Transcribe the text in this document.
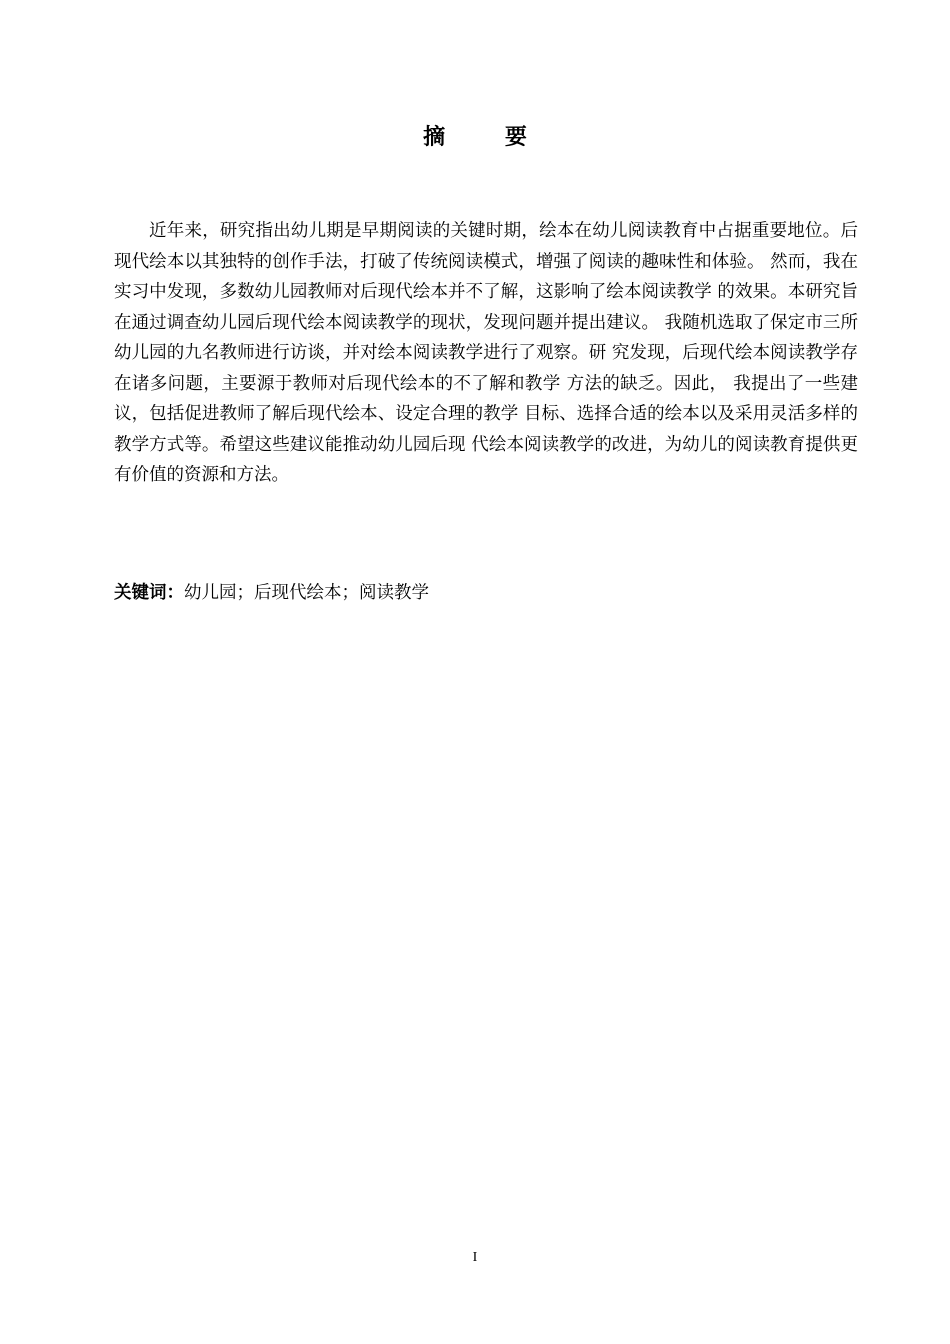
摘 要

近年来，研究指出幼儿期是早期阅读的关键时期，绘本在幼儿阅读教育中占据重要地位。后现代绘本以其独特的创作手法，打破了传统阅读模式，增强了阅读的趣味性和体验。 然而，我在实习中发现，多数幼儿园教师对后现代绘本并不了解，这影响了绘本阅读教学 的效果。本研究旨在通过调查幼儿园后现代绘本阅读教学的现状，发现问题并提出建议。 我随机选取了保定市三所幼儿园的九名教师进行访谈，并对绘本阅读教学进行了观察。研 究发现，后现代绘本阅读教学存在诸多问题，主要源于教师对后现代绘本的不了解和教学 方法的缺乏。因此， 我提出了一些建议，包括促进教师了解后现代绘本、设定合理的教学 目标、选择合适的绘本以及采用灵活多样的教学方式等。希望这些建议能推动幼儿园后现 代绘本阅读教学的改进，为幼儿的阅读教育提供更有价值的资源和方法。

关键词：幼儿园；后现代绘本；阅读教学
I
